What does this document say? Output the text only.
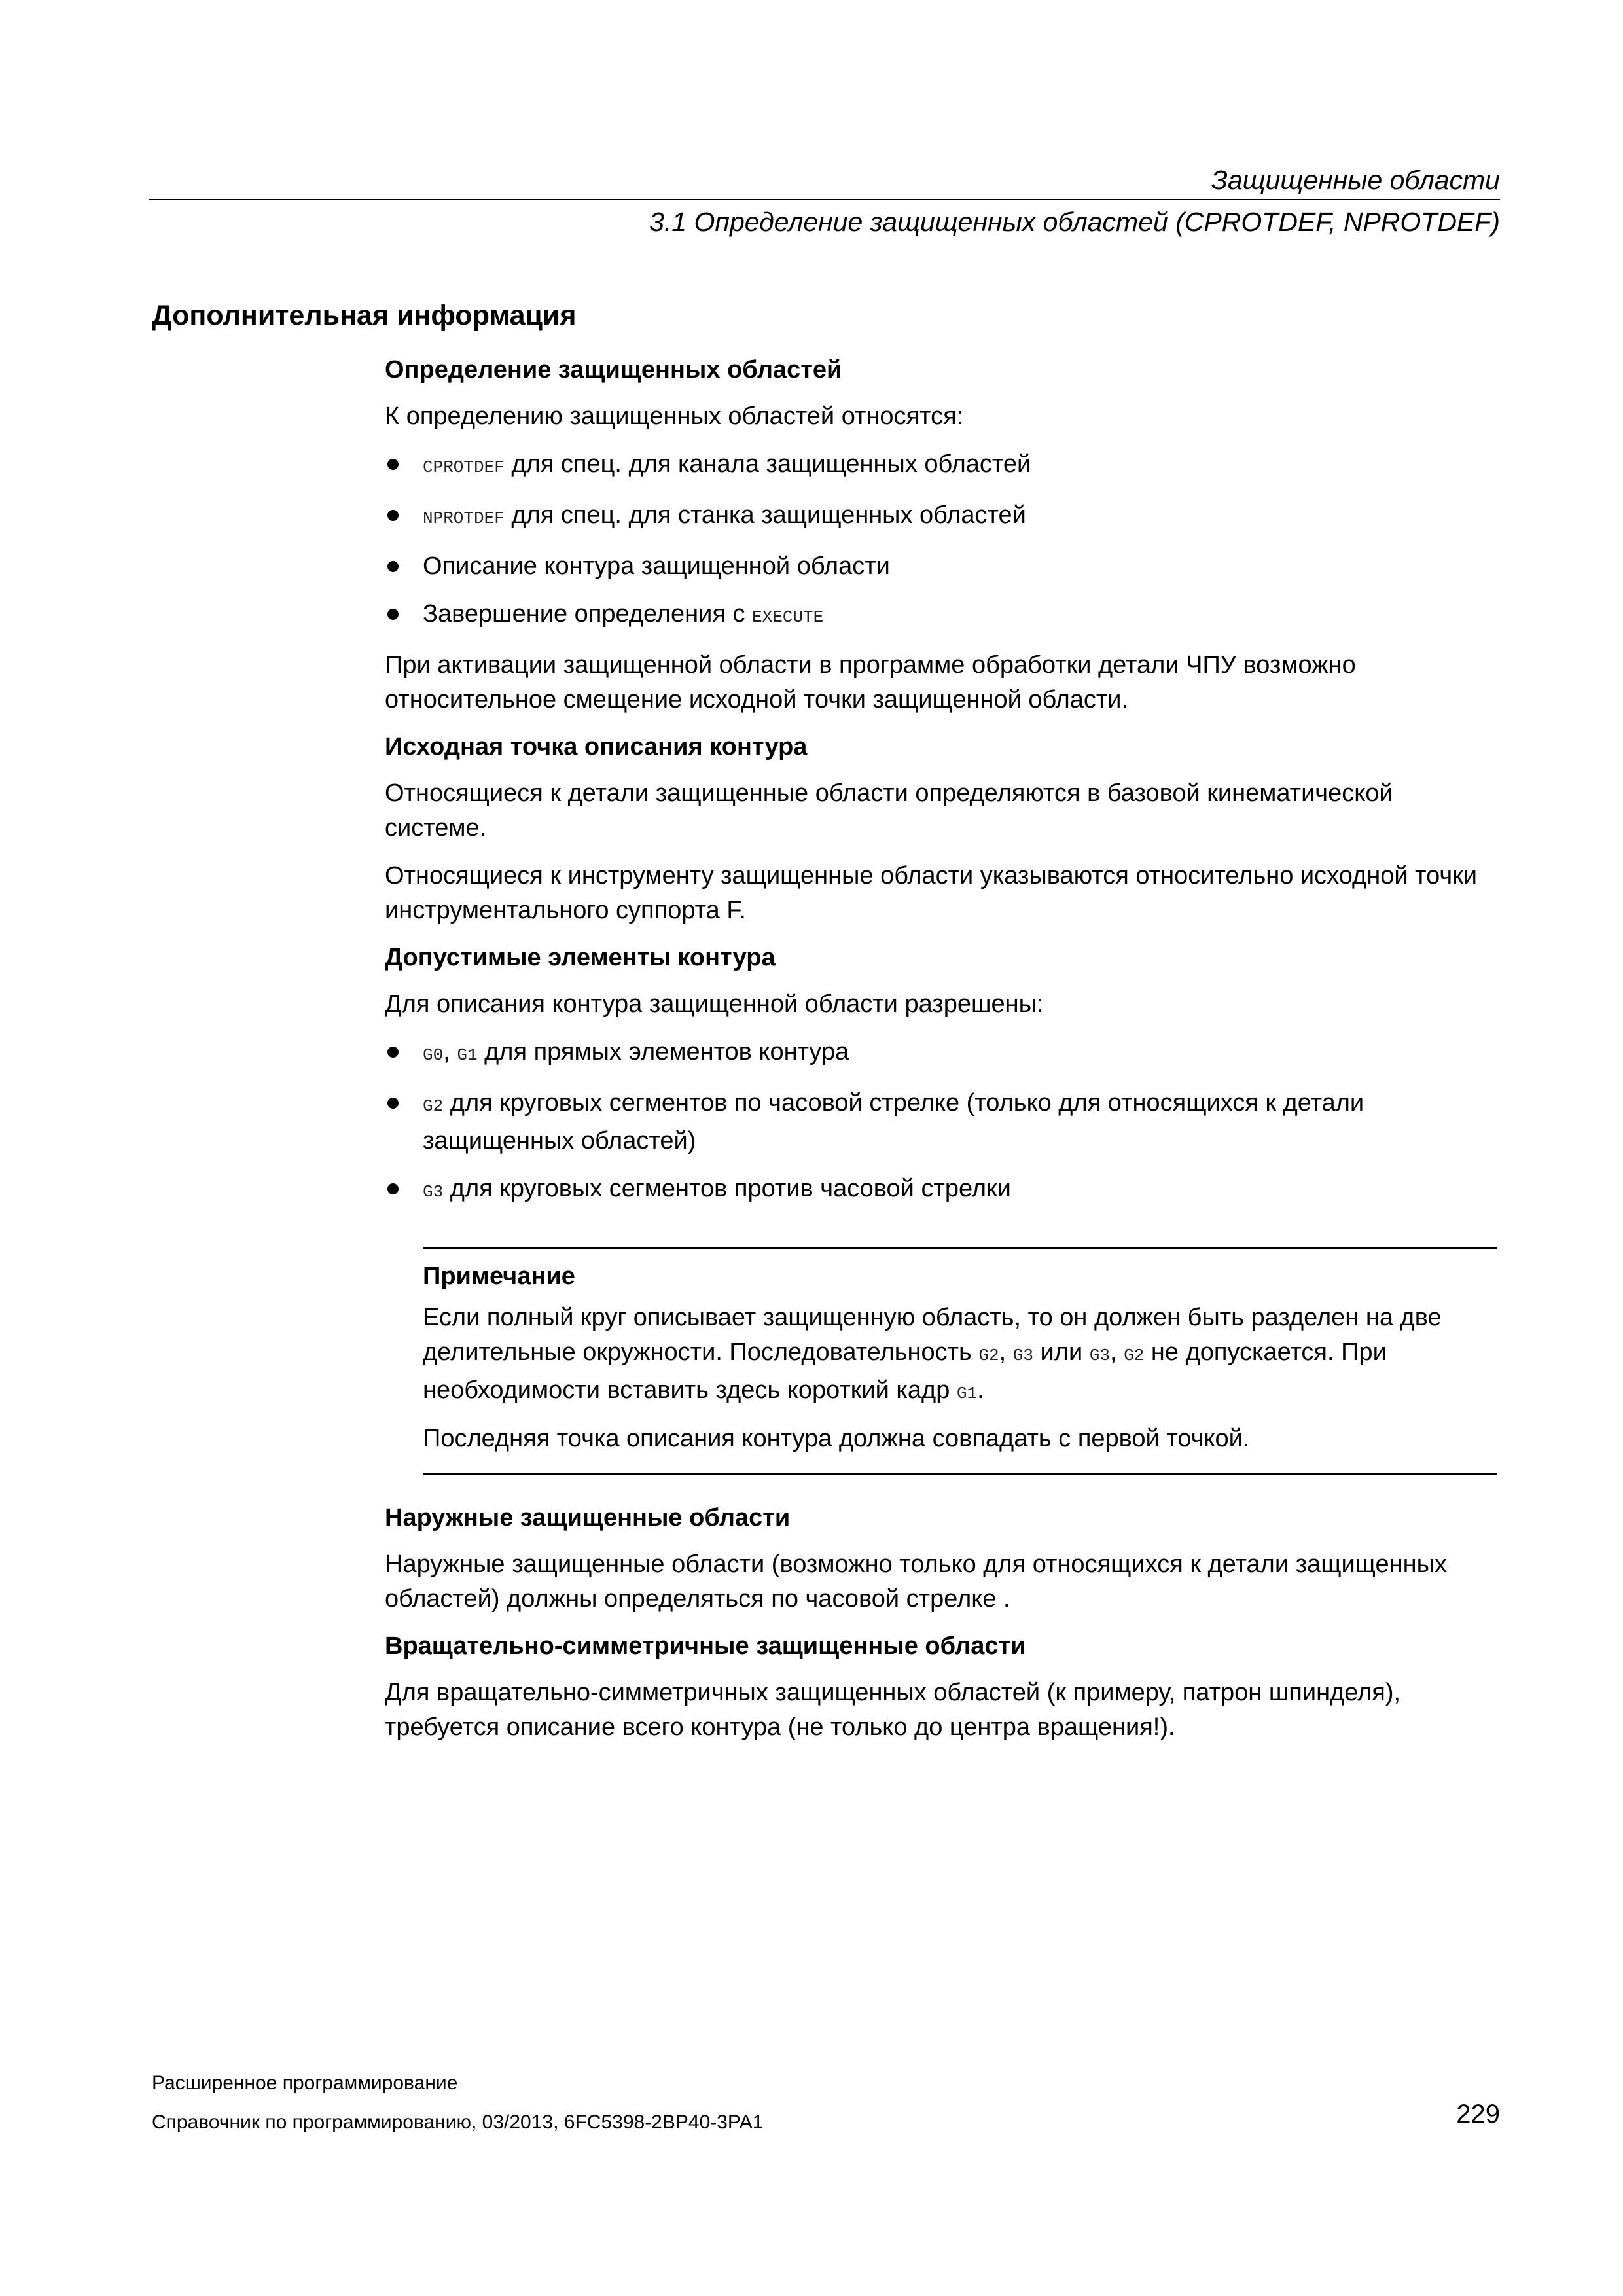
Защищенные области
3.1 Определение защищенных областей (CPROTDEF, NPROTDEF)
Дополнительная информация
Определение защищенных областей

К определению защищенных областей относятся:

CPROTDEF для спец. для канала защищенных областей
NPROTDEF для спец. для станка защищенных областей
Описание контура защищенной области
Завершение определения с EXECUTE

При активации защищенной области в программе обработки детали ЧПУ возможно относительное смещение исходной точки защищенной области.

Исходная точка описания контура

Относящиеся к детали защищенные области определяются в базовой кинематической системе.

Относящиеся к инструменту защищенные области указываются относительно исходной точки инструментального суппорта F.

Допустимые элементы контура

Для описания контура защищенной области разрешены:

G0, G1 для прямых элементов контура
G2 для круговых сегментов по часовой стрелке (только для относящихся к детали защищенных областей)
G3 для круговых сегментов против часовой стрелки
Примечание

Если полный круг описывает защищенную область, то он должен быть разделен на две делительные окружности. Последовательность G2, G3 или G3, G2 не допускается. При необходимости вставить здесь короткий кадр G1.

Последняя точка описания контура должна совпадать с первой точкой.

Наружные защищенные области

Наружные защищенные области (возможно только для относящихся к детали защищенных областей) должны определяться по часовой стрелке .

Вращательно-симметричные защищенные области

Для вращательно-симметричных защищенных областей (к примеру, патрон шпинделя), требуется описание всего контура (не только до центра вращения!).

Расширенное программирование
Справочник по программированию, 03/2013, 6FC5398-2BP40-3PA1	229
